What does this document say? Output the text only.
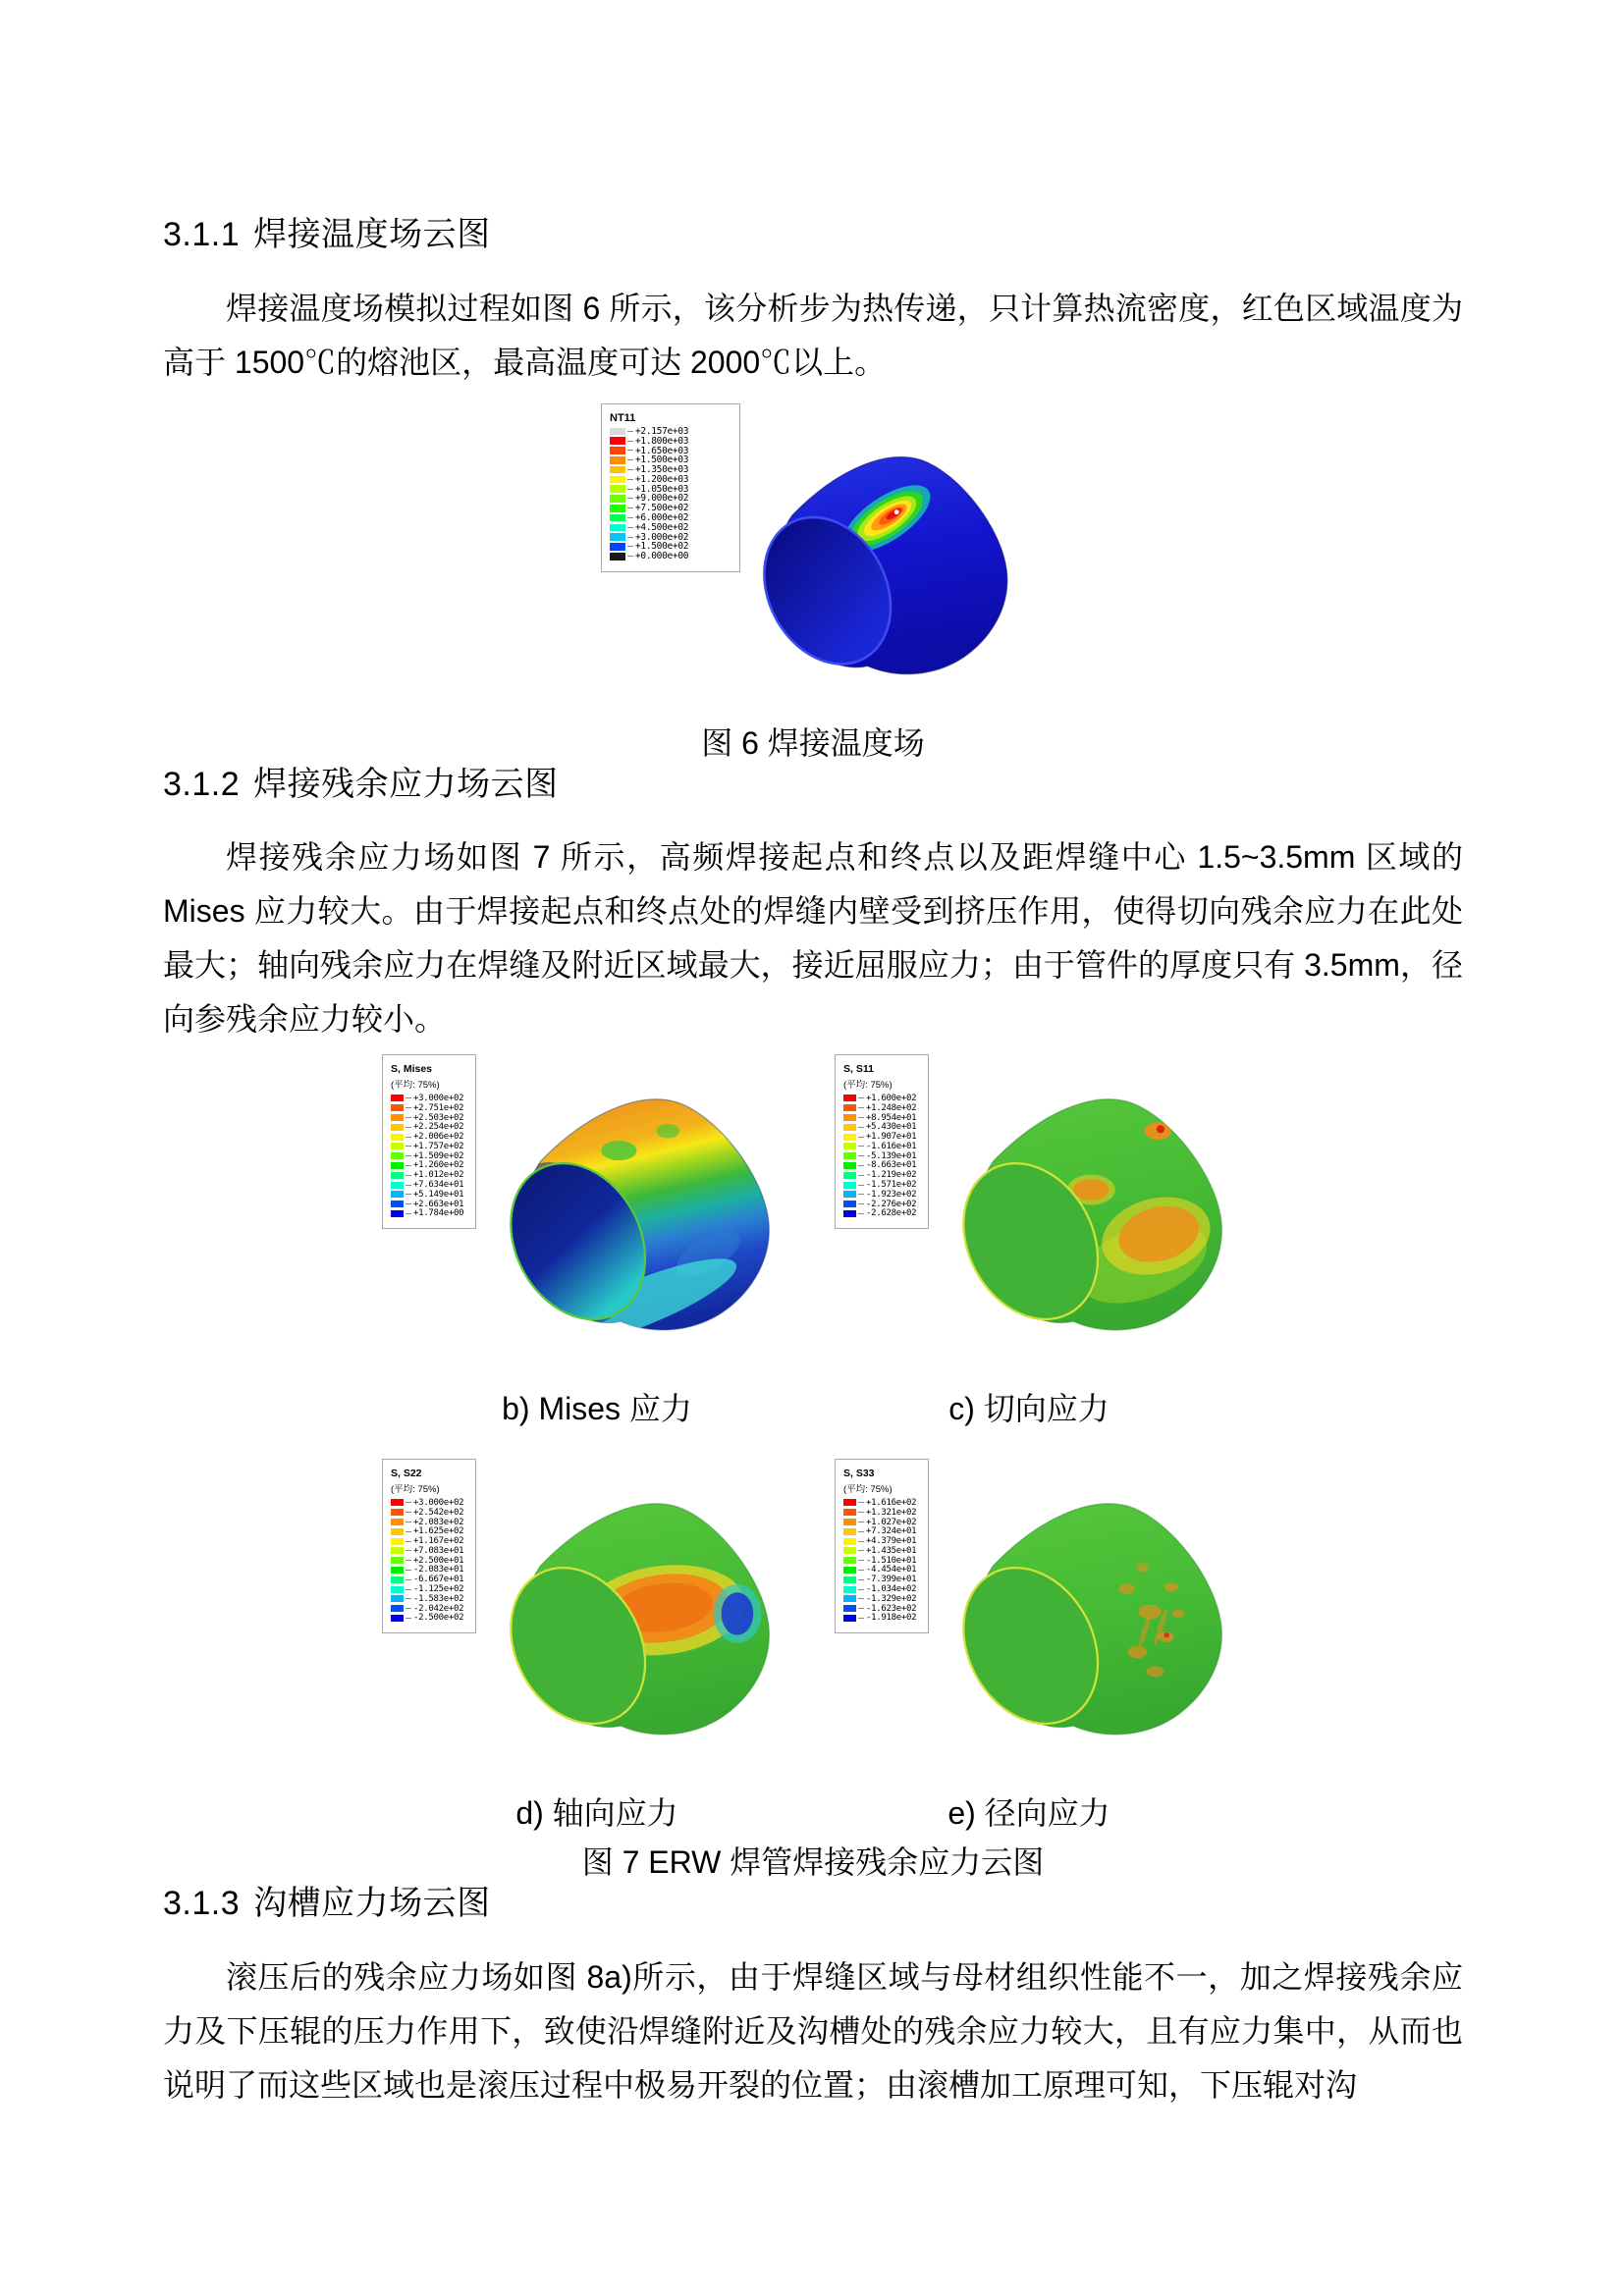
3.1.1 焊接温度场云图

焊接温度场模拟过程如图 6 所示，该分析步为热传递，只计算热流密度，红色区域温度为高于 1500℃的熔池区，最高温度可达 2000℃以上。

NT11
+2.157e+03
+1.800e+03
+1.650e+03
+1.500e+03
+1.350e+03
+1.200e+03
+1.050e+03
+9.000e+02
+7.500e+02
+6.000e+02
+4.500e+02
+3.000e+02
+1.500e+02
+0.000e+00
图 6 焊接温度场
3.1.2 焊接残余应力场云图

焊接残余应力场如图 7 所示，高频焊接起点和终点以及距焊缝中心 1.5~3.5mm 区域的 Mises 应力较大。由于焊接起点和终点处的焊缝内壁受到挤压作用，使得切向残余应力在此处最大；轴向残余应力在焊缝及附近区域最大，接近屈服应力；由于管件的厚度只有 3.5mm，径向参残余应力较小。

S, Mises
(平均: 75%)
+3.000e+02
+2.751e+02
+2.503e+02
+2.254e+02
+2.006e+02
+1.757e+02
+1.509e+02
+1.260e+02
+1.012e+02
+7.634e+01
+5.149e+01
+2.663e+01
+1.784e+00
S, S11
(平均: 75%)
+1.600e+02
+1.248e+02
+8.954e+01
+5.430e+01
+1.907e+01
-1.616e+01
-5.139e+01
-8.663e+01
-1.219e+02
-1.571e+02
-1.923e+02
-2.276e+02
-2.628e+02
b) Mises 应力	c) 切向应力
S, S22
(平均: 75%)
+3.000e+02
+2.542e+02
+2.083e+02
+1.625e+02
+1.167e+02
+7.083e+01
+2.500e+01
-2.083e+01
-6.667e+01
-1.125e+02
-1.583e+02
-2.042e+02
-2.500e+02
S, S33
(平均: 75%)
+1.616e+02
+1.321e+02
+1.027e+02
+7.324e+01
+4.379e+01
+1.435e+01
-1.510e+01
-4.454e+01
-7.399e+01
-1.034e+02
-1.329e+02
-1.623e+02
-1.918e+02
d) 轴向应力	e) 径向应力
图 7 ERW 焊管焊接残余应力云图
3.1.3 沟槽应力场云图

滚压后的残余应力场如图 8a)所示，由于焊缝区域与母材组织性能不一，加之焊接残余应力及下压辊的压力作用下，致使沿焊缝附近及沟槽处的残余应力较大，且有应力集中，从而也说明了而这些区域也是滚压过程中极易开裂的位置；由滚槽加工原理可知，下压辊对沟
